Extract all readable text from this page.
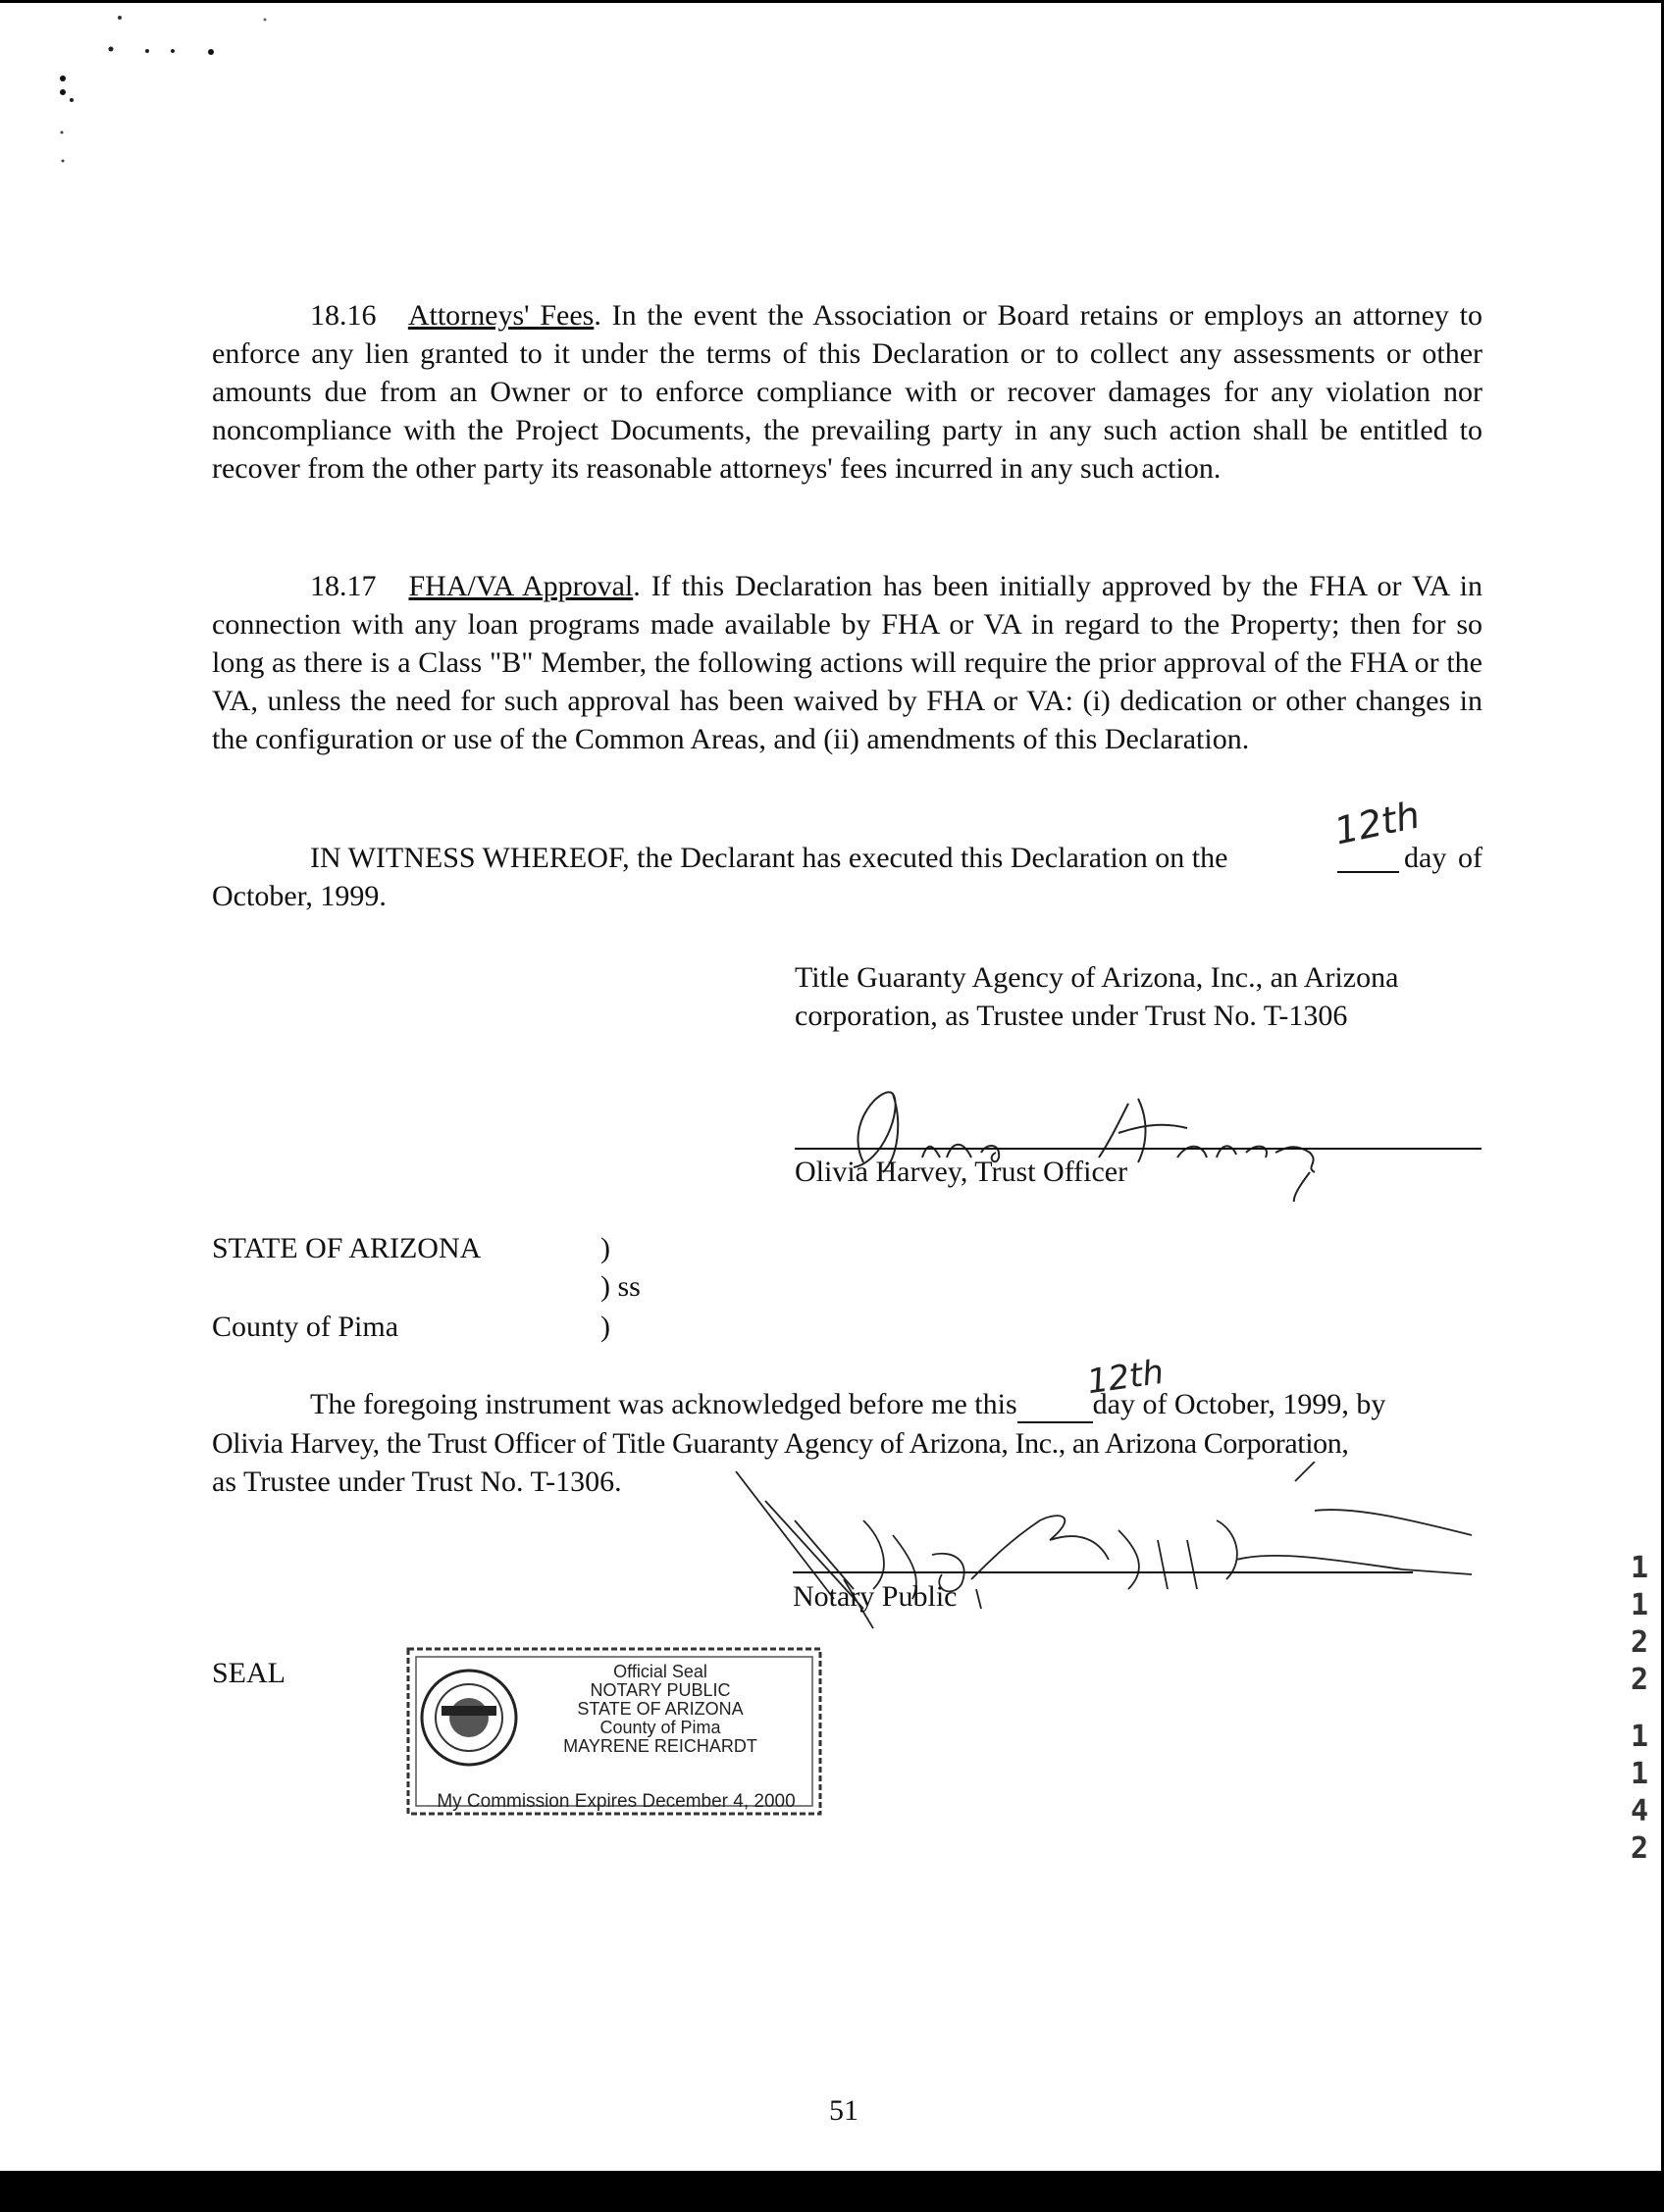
18.16 Attorneys' Fees. In the event the Association or Board retains or employs an attorney to enforce any lien granted to it under the terms of this Declaration or to collect any assessments or other amounts due from an Owner or to enforce compliance with or recover damages for any violation nor noncompliance with the Project Documents, the prevailing party in any such action shall be entitled to recover from the other party its reasonable attorneys' fees incurred in any such action.
18.17 FHA/VA Approval. If this Declaration has been initially approved by the FHA or VA in connection with any loan programs made available by FHA or VA in regard to the Property; then for so long as there is a Class "B" Member, the following actions will require the prior approval of the FHA or the VA, unless the need for such approval has been waived by FHA or VA: (i) dedication or other changes in the configuration or use of the Common Areas, and (ii) amendments of this Declaration.
IN WITNESS WHEREOF, the Declarant has executed this Declaration on the
12th
day of October, 1999.
Title Guaranty Agency of Arizona, Inc., an Arizona
corporation, as Trustee under Trust No. T-1306
Olivia Harvey, Trust Officer
STATE OF ARIZONA	)
) ss
County of Pima	)
The foregoing instrument was acknowledged before me this	day of October, 1999, by
12th
Olivia Harvey, the Trust Officer of Title Guaranty Agency of Arizona, Inc., an Arizona Corporation,
as Trustee under Trust No. T-1306.
Notary Public
SEAL	Official Seal
NOTARY PUBLIC
STATE OF ARIZONA
County of Pima
MAYRENE REICHARDT
My Commission Expires December 4, 2000
1
1
2
2
1
1
4
2
51
